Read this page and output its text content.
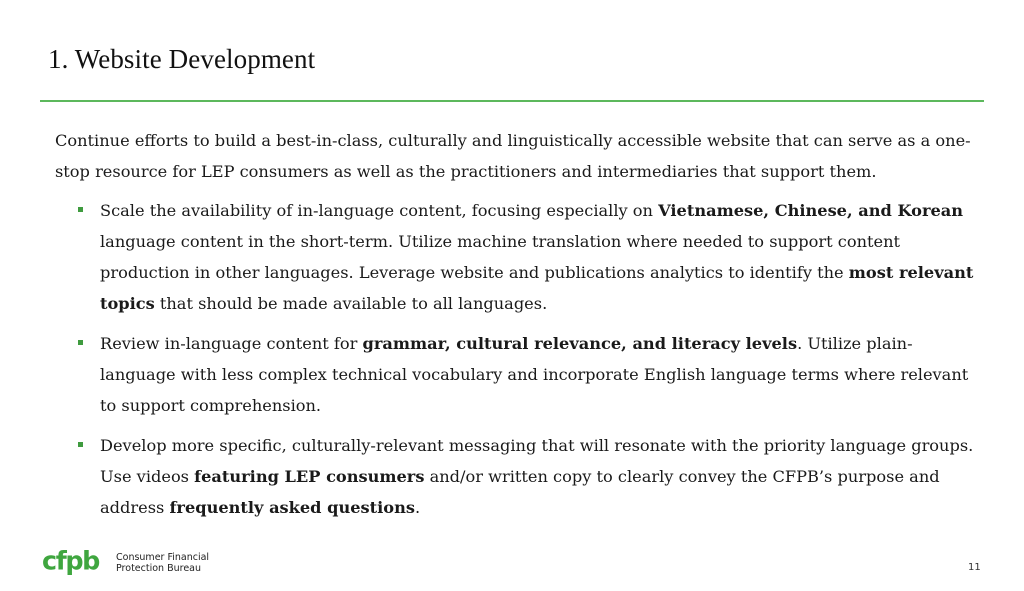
1. Website Development

Continue efforts to build a best-in-class, culturally and linguistically accessible website that can serve as a one-stop resource for LEP consumers as well as the practitioners and intermediaries that support them.

Scale the availability of in-language content, focusing especially on Vietnamese, Chinese, and Korean language content in the short-term. Utilize machine translation where needed to support content production in other languages. Leverage website and publications analytics to identify the most relevant topics that should be made available to all languages.
Review in-language content for grammar, cultural relevance, and literacy levels. Utilize plain-language with less complex technical vocabulary and incorporate English language terms where relevant to support comprehension.
Develop more specific, culturally-relevant messaging that will resonate with the priority language groups. Use videos featuring LEP consumers and/or written copy to clearly convey the CFPB’s purpose and address frequently asked questions.
cfpb Consumer Financial
Protection Bureau	11
